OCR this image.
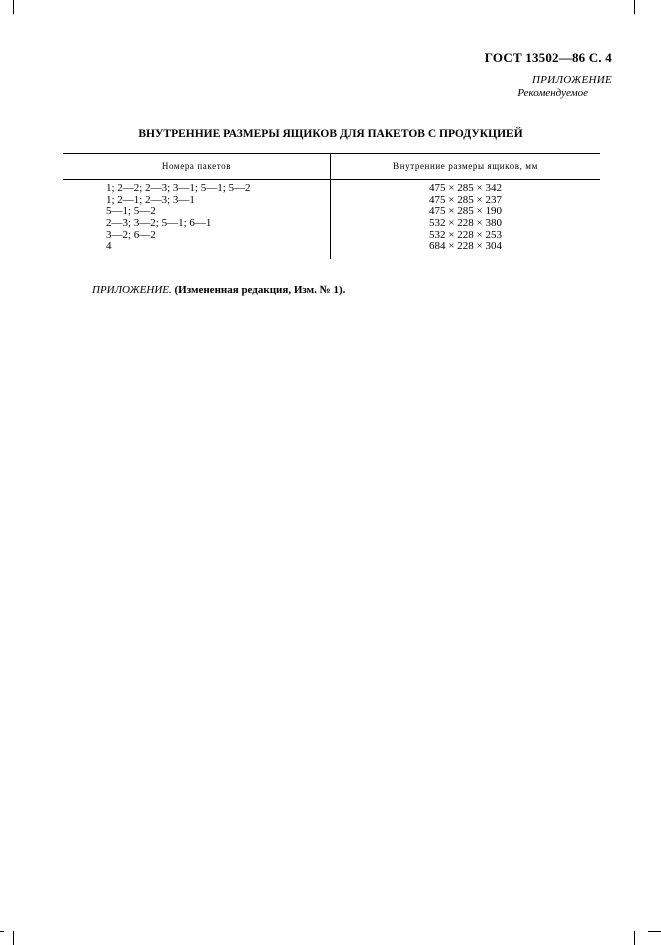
ГОСТ 13502—86 С. 4
ПРИЛОЖЕНИЕ
Рекомендуемое
ВНУТРЕННИЕ РАЗМЕРЫ ЯЩИКОВ ДЛЯ ПАКЕТОВ С ПРОДУКЦИЕЙ
Номера пакетов	Внутренние размеры ящиков, мм
1; 2—2; 2—3; 3—1; 5—1; 5—2	475 × 285 × 342
1; 2—1; 2—3; 3—1	475 × 285 × 237
5—1; 5—2	475 × 285 × 190
2—3; 3—2; 5—1; 6—1	532 × 228 × 380
3—2; 6—2	532 × 228 × 253
4	684 × 228 × 304
ПРИЛОЖЕНИЕ. (Измененная редакция, Изм. № 1).
